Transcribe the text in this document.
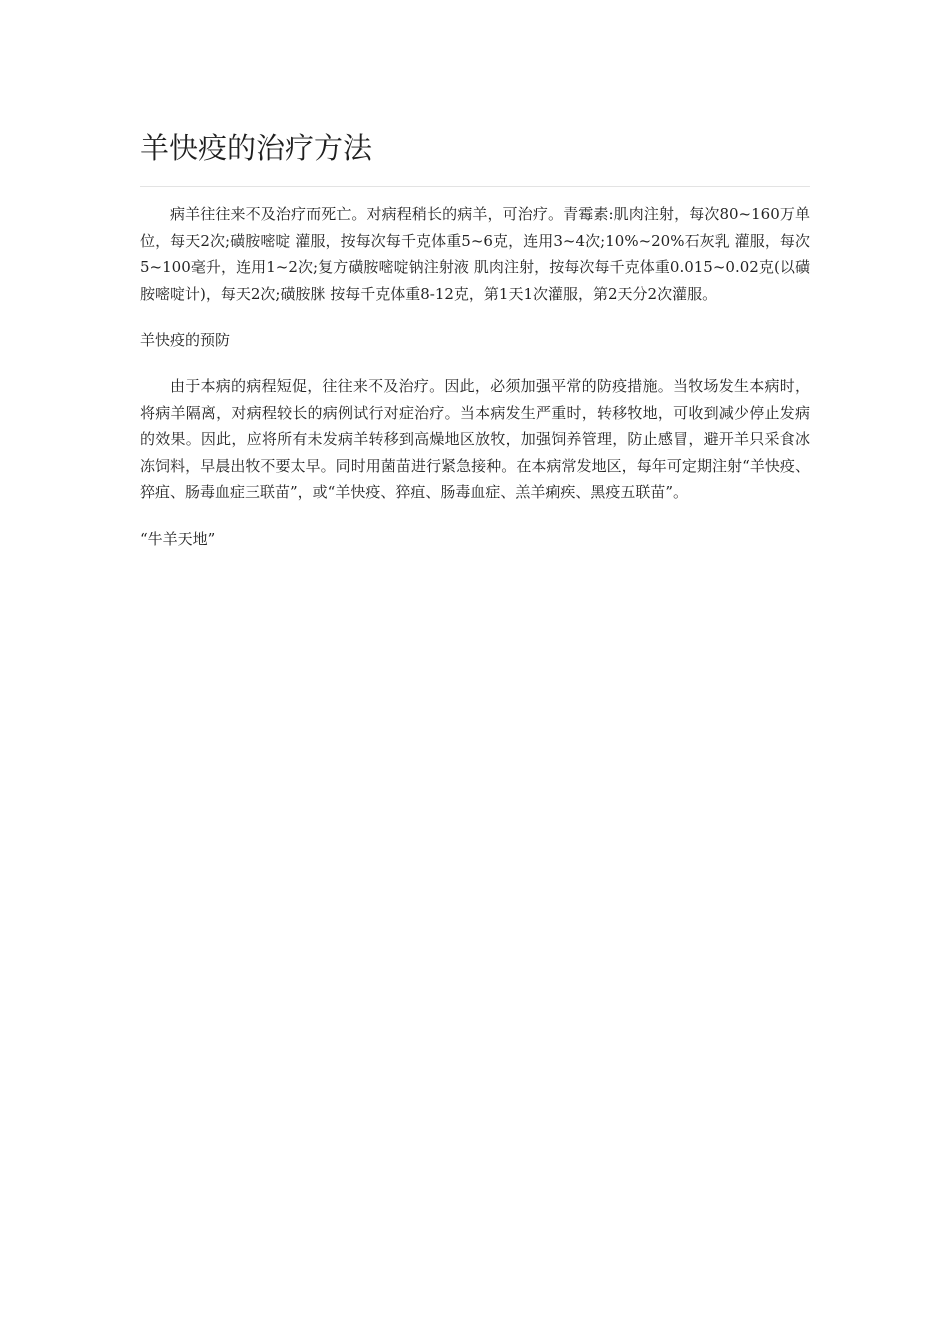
羊快疫的治疗方法

病羊往往来不及治疗而死亡。对病程稍长的病羊，可治疗。青霉素:肌肉注射，每次80~160万单位，每天2次;磺胺嘧啶 灌服，按每次每千克体重5~6克，连用3~4次;10%~20%石灰乳 灌服，每次5~100毫升，连用1~2次;复方磺胺嘧啶钠注射液 肌肉注射，按每次每千克体重0.015~0.02克(以磺胺嘧啶计)，每天2次;磺胺脒 按每千克体重8-12克，第1天1次灌服，第2天分2次灌服。

羊快疫的预防

由于本病的病程短促，往往来不及治疗。因此，必须加强平常的防疫措施。当牧场发生本病时，将病羊隔离，对病程较长的病例试行对症治疗。当本病发生严重时，转移牧地，可收到减少停止发病的效果。因此，应将所有未发病羊转移到高燥地区放牧，加强饲养管理，防止感冒，避开羊只采食冰冻饲料，早晨出牧不要太早。同时用菌苗进行紧急接种。在本病常发地区，每年可定期注射“羊快疫、猝疽、肠毒血症三联苗”，或“羊快疫、猝疽、肠毒血症、羔羊痢疾、黑疫五联苗”。

“牛羊天地”
